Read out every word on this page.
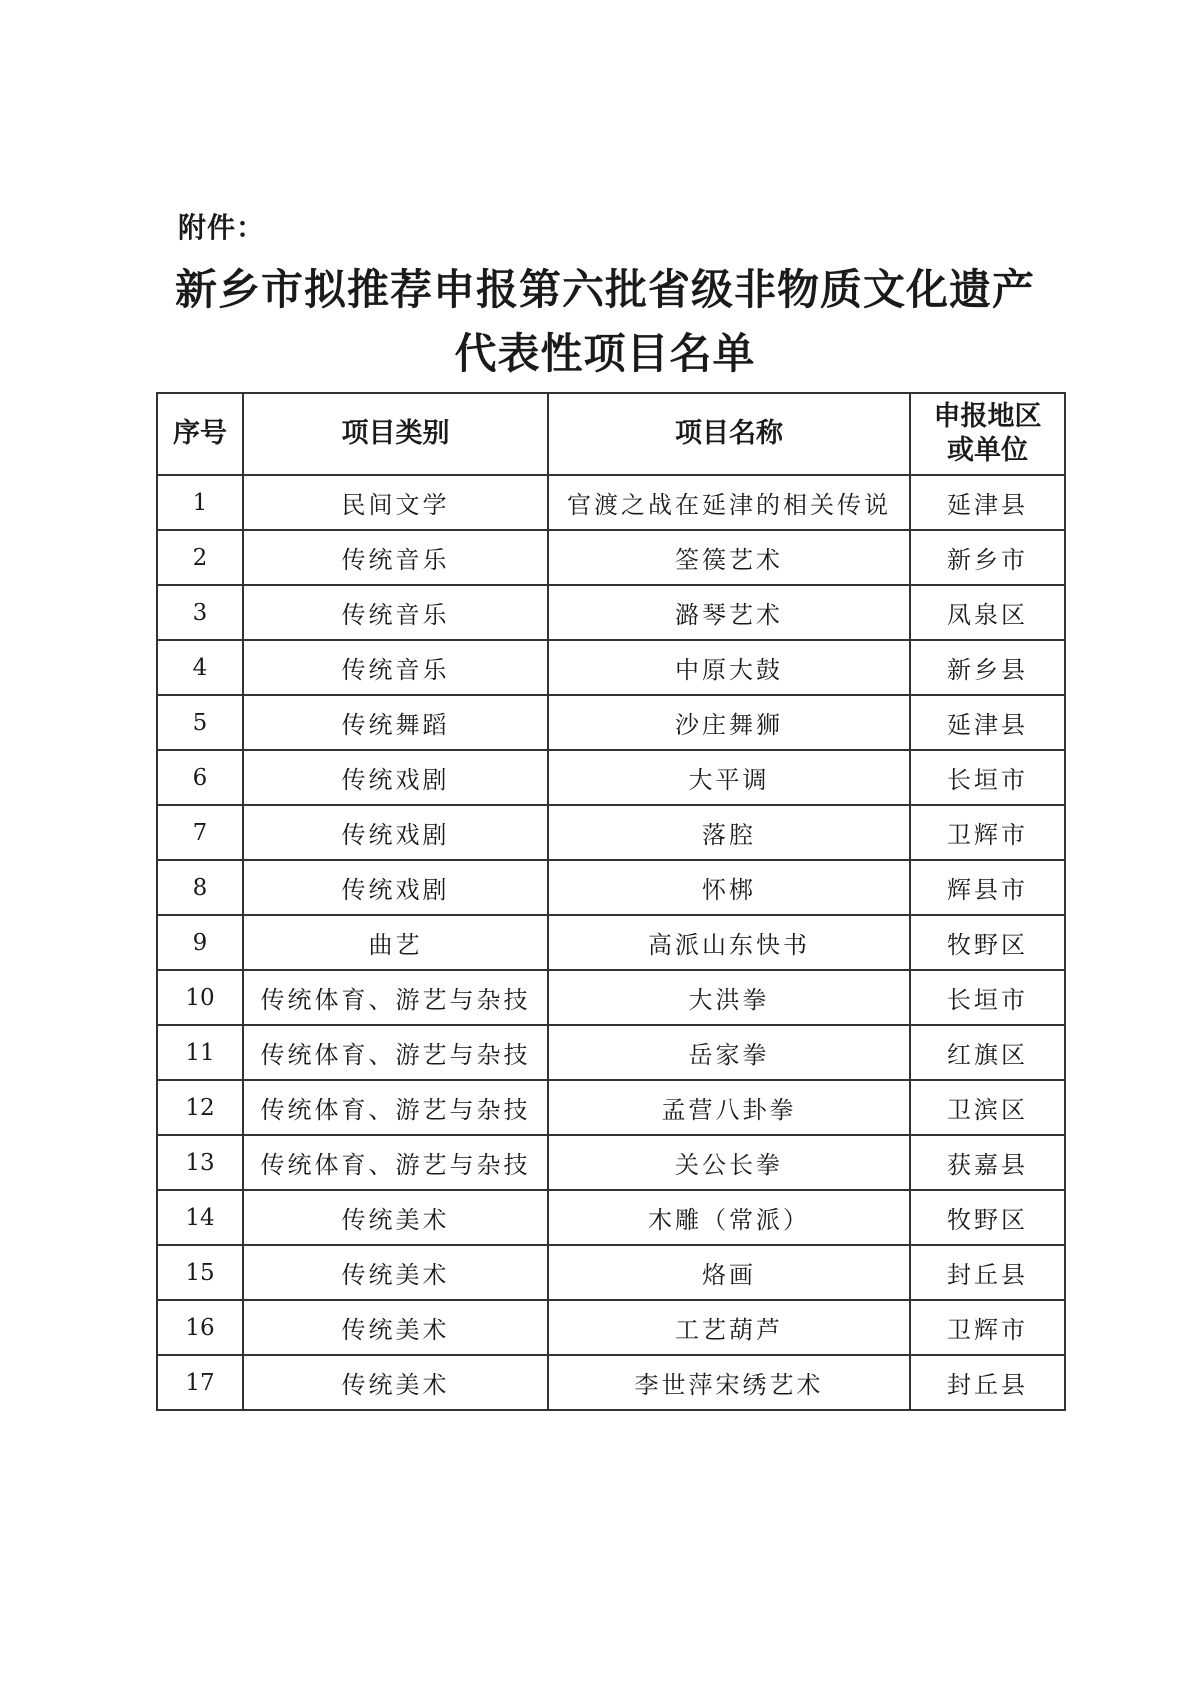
附件：
新乡市拟推荐申报第六批省级非物质文化遗产
代表性项目名单
序号	项目类别	项目名称	申报地区
或单位

1	民间文学	官渡之战在延津的相关传说	延津县
2	传统音乐	筌篌艺术	新乡市
3	传统音乐	潞琴艺术	凤泉区
4	传统音乐	中原大鼓	新乡县
5	传统舞蹈	沙庄舞狮	延津县
6	传统戏剧	大平调	长垣市
7	传统戏剧	落腔	卫辉市
8	传统戏剧	怀梆	辉县市
9	曲艺	高派山东快书	牧野区
10	传统体育、游艺与杂技	大洪拳	长垣市
11	传统体育、游艺与杂技	岳家拳	红旗区
12	传统体育、游艺与杂技	孟营八卦拳	卫滨区
13	传统体育、游艺与杂技	关公长拳	获嘉县
14	传统美术	木雕（常派）	牧野区
15	传统美术	烙画	封丘县
16	传统美术	工艺葫芦	卫辉市
17	传统美术	李世萍宋绣艺术	封丘县
